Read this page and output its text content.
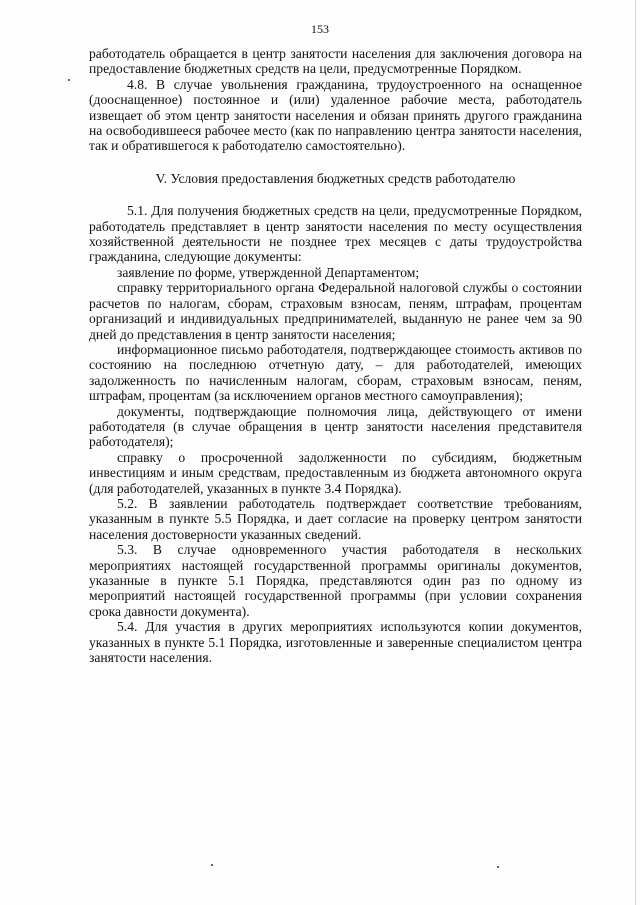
153

работодатель обращается в центр занятости населения для заключения договора на предоставление бюджетных средств на цели, предусмотренные Порядком.

4.8. В случае увольнения гражданина, трудоустроенного на оснащенное (дооснащенное) постоянное и (или) удаленное рабочие места, работодатель извещает об этом центр занятости населения и обязан принять другого гражданина на освободившееся рабочее место (как по направлению центра занятости населения, так и обратившегося к работодателю самостоятельно).

V. Условия предоставления бюджетных средств работодателю

5.1. Для получения бюджетных средств на цели, предусмотренные Порядком, работодатель представляет в центр занятости населения по месту осуществления хозяйственной деятельности не позднее трех месяцев с даты трудоустройства гражданина, следующие документы:

заявление по форме, утвержденной Департаментом;

справку территориального органа Федеральной налоговой службы о состоянии расчетов по налогам, сборам, страховым взносам, пеням, штрафам, процентам организаций и индивидуальных предпринимателей, выданную не ранее чем за 90 дней до представления в центр занятости населения;

информационное письмо работодателя, подтверждающее стоимость активов по состоянию на последнюю отчетную дату, – для работодателей, имеющих задолженность по начисленным налогам, сборам, страховым взносам, пеням, штрафам, процентам (за исключением органов местного самоуправления);

документы, подтверждающие полномочия лица, действующего от имени работодателя (в случае обращения в центр занятости населения представителя работодателя);

справку о просроченной задолженности по субсидиям, бюджетным инвестициям и иным средствам, предоставленным из бюджета автономного округа (для работодателей, указанных в пункте 3.4 Порядка).

5.2. В заявлении работодатель подтверждает соответствие требованиям, указанным в пункте 5.5 Порядка, и дает согласие на проверку центром занятости населения достоверности указанных сведений.

5.3. В случае одновременного участия работодателя в нескольких мероприятиях настоящей государственной программы оригиналы документов, указанные в пункте 5.1 Порядка, представляются один раз по одному из мероприятий настоящей государственной программы (при условии сохранения срока давности документа).

5.4. Для участия в других мероприятиях используются копии документов, указанных в пункте 5.1 Порядка, изготовленные и заверенные специалистом центра занятости населения.
